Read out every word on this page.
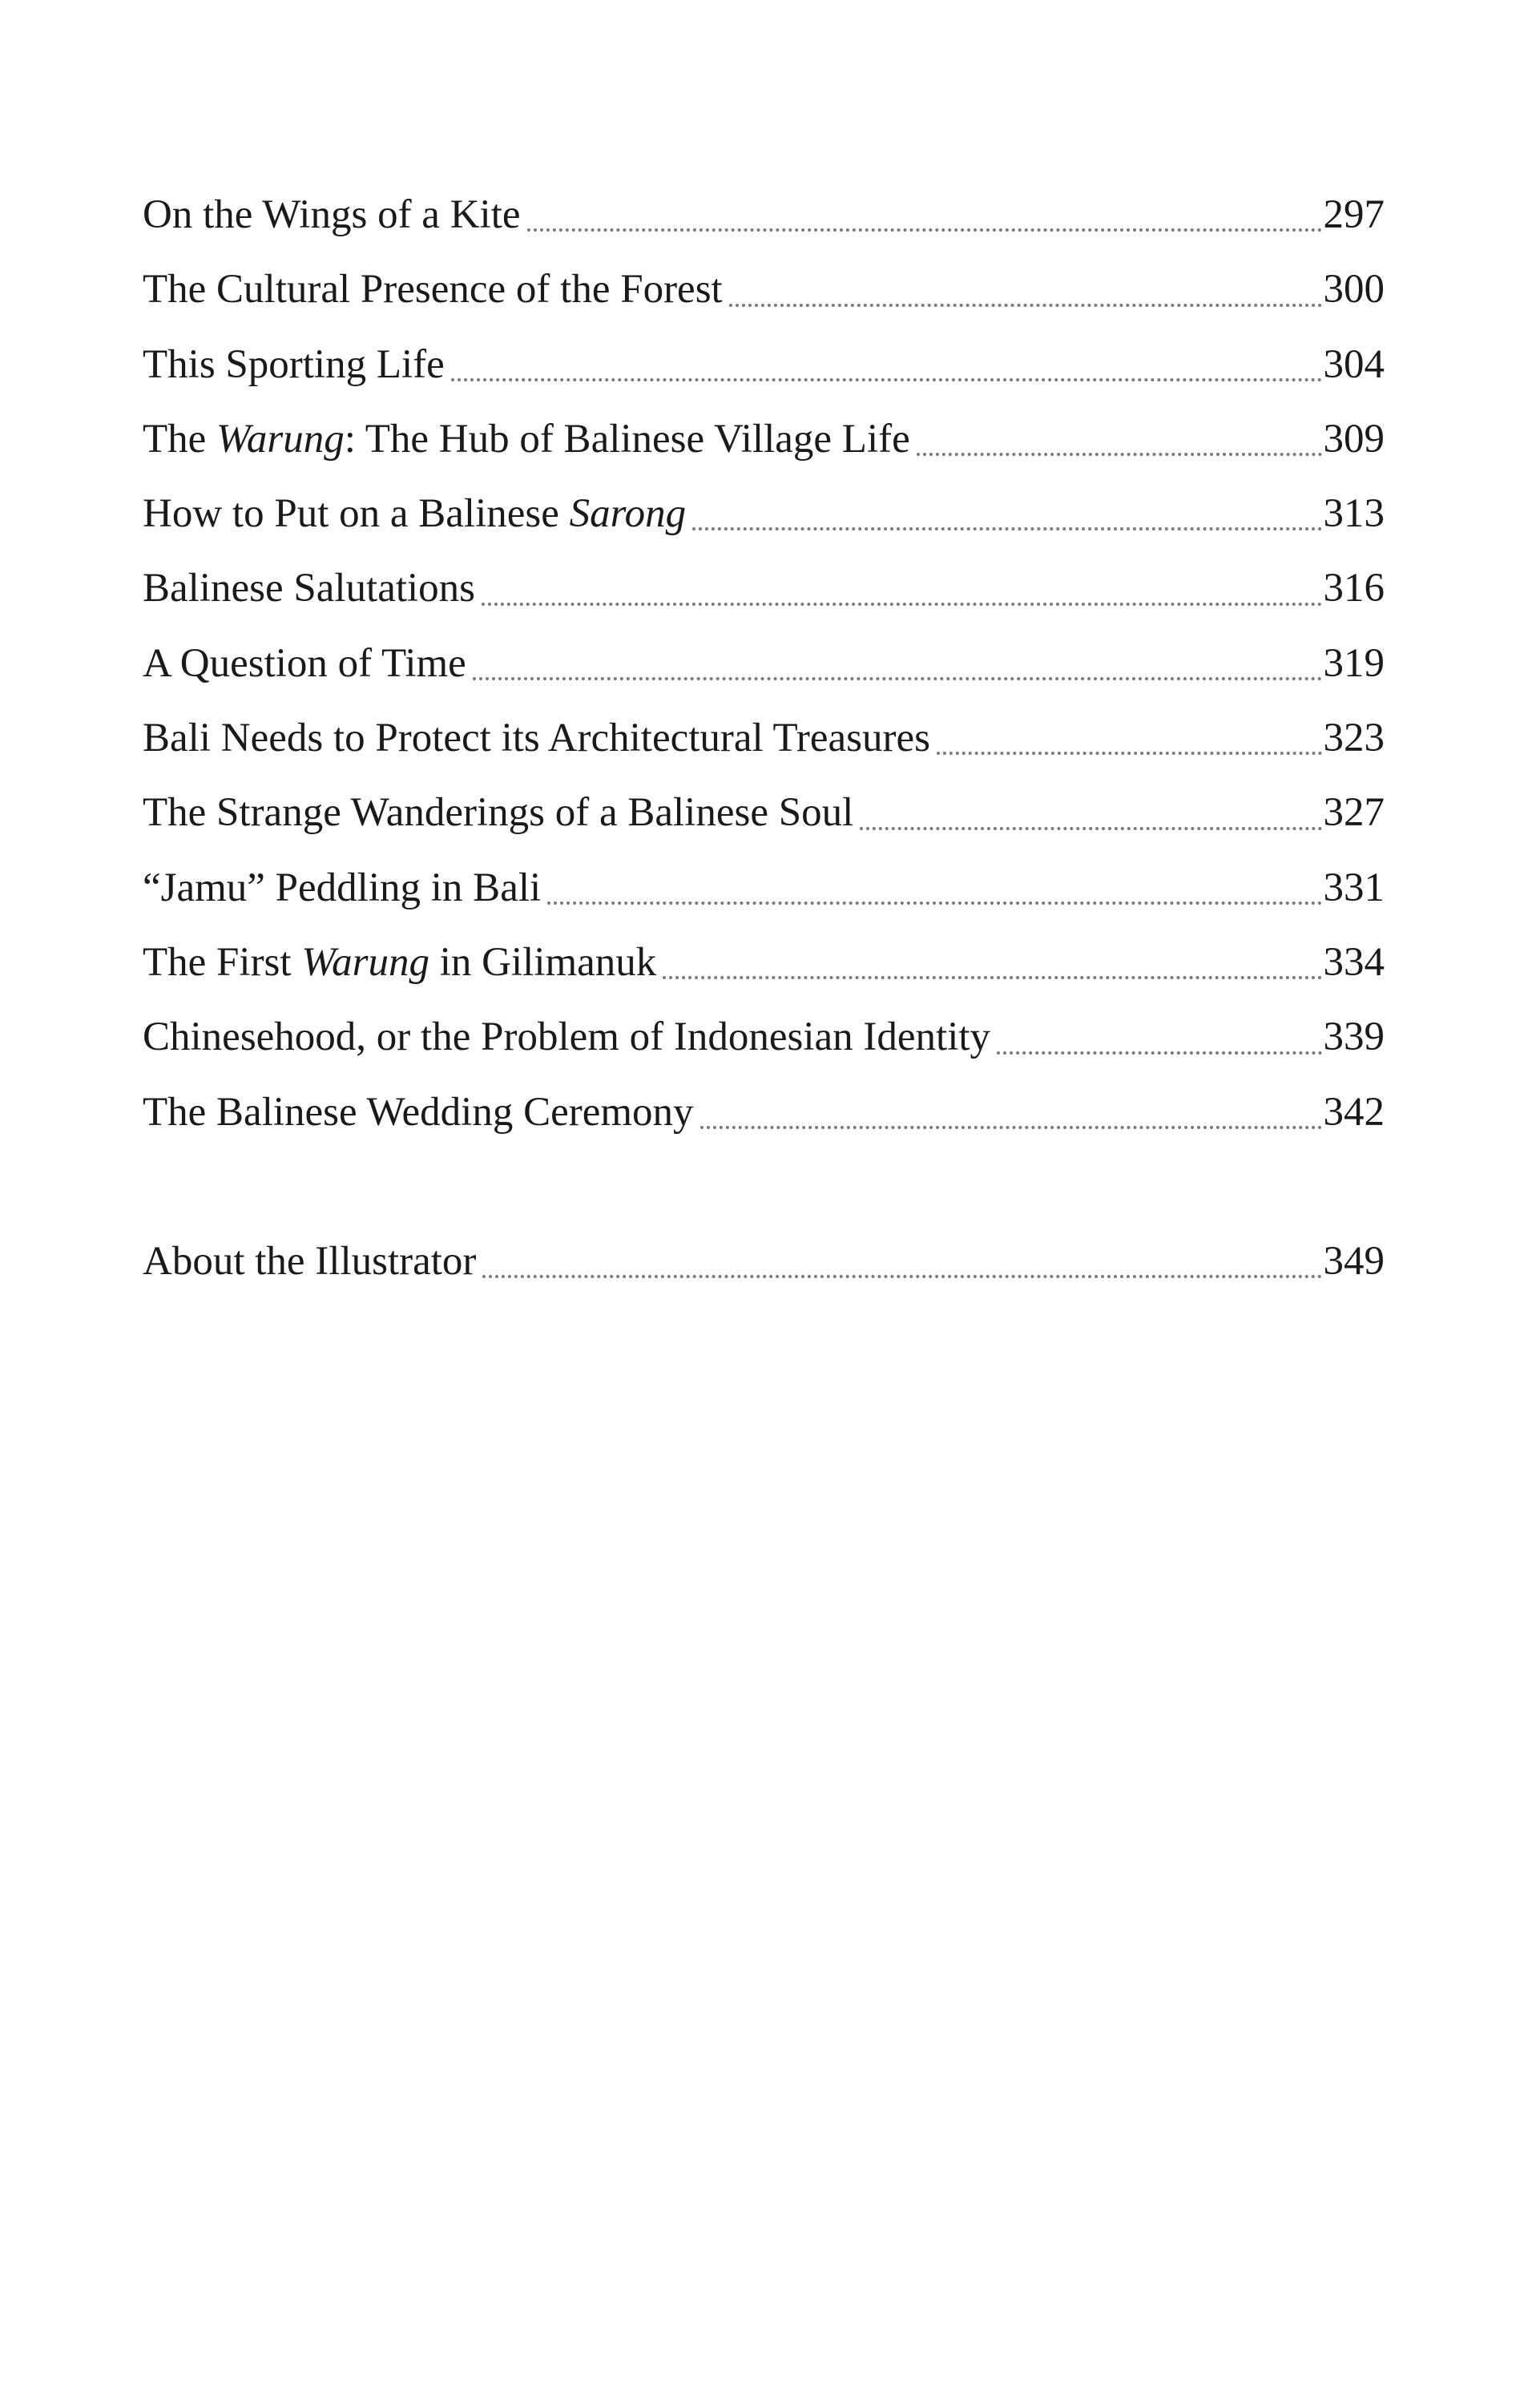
On the Wings of a Kite	297
The Cultural Presence of the Forest	300
This Sporting Life	304
The Warung: The Hub of Balinese Village Life	309
How to Put on a Balinese Sarong	313
Balinese Salutations	316
A Question of Time	319
Bali Needs to Protect its Architectural Treasures	323
The Strange Wanderings of a Balinese Soul	327
“Jamu” Peddling in Bali	331
The First Warung in Gilimanuk	334
Chinesehood, or the Problem of Indonesian Identity	339
The Balinese Wedding Ceremony	342
About the Illustrator	349
